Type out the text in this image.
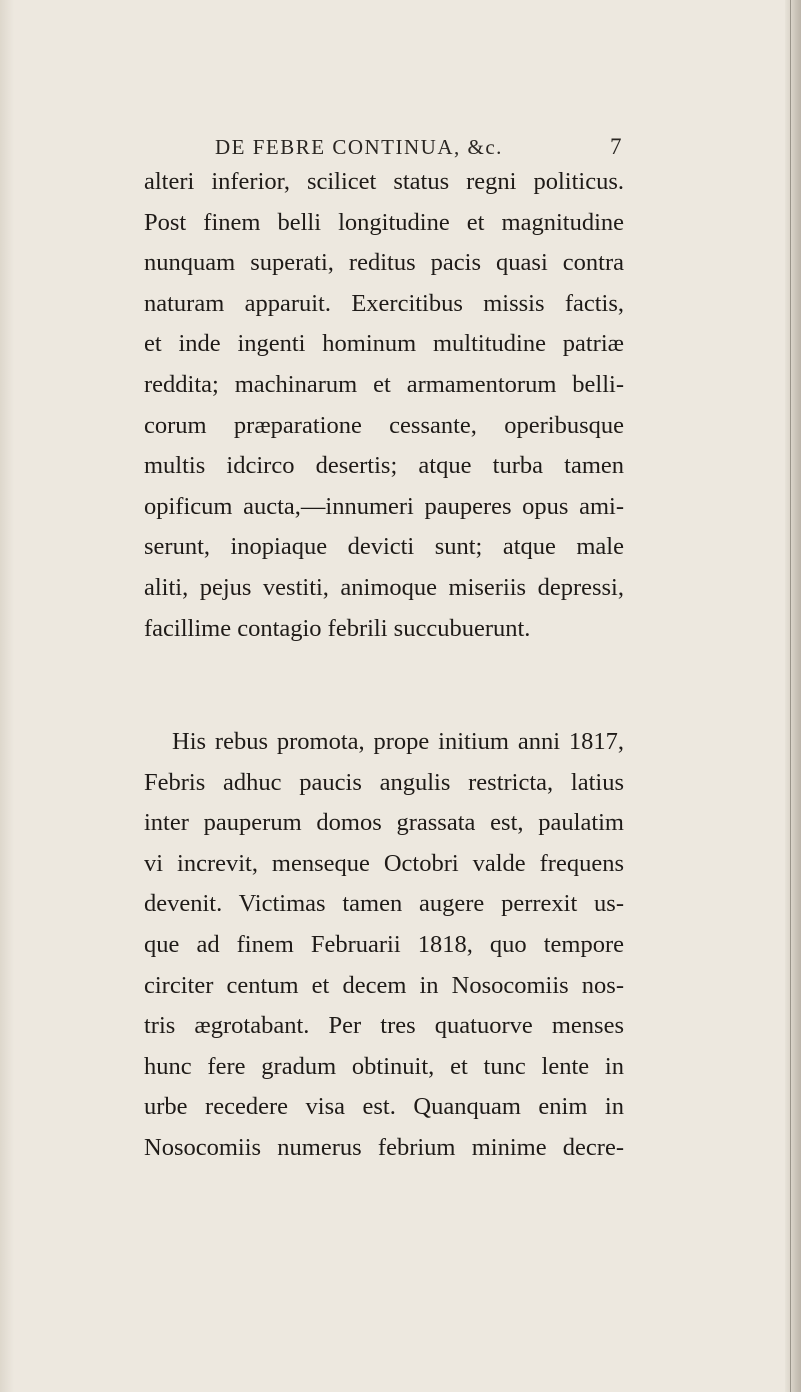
DE FEBRE CONTINUA, &c.	7
alteri inferior, scilicet status regni politicus.
Post finem belli longitudine et magnitudine
nunquam superati, reditus pacis quasi contra
naturam apparuit. Exercitibus missis factis,
et inde ingenti hominum multitudine patriæ
reddita; machinarum et armamentorum belli-
corum præparatione cessante, operibusque
multis idcirco desertis; atque turba tamen
opificum aucta,—innumeri pauperes opus ami-
serunt, inopiaque devicti sunt; atque male
aliti, pejus vestiti, animoque miseriis depressi,
facillime contagio febrili succubuerunt.
His rebus promota, prope initium anni 1817,
Febris adhuc paucis angulis restricta, latius
inter pauperum domos grassata est, paulatim
vi increvit, menseque Octobri valde frequens
devenit. Victimas tamen augere perrexit us-
que ad finem Februarii 1818, quo tempore
circiter centum et decem in Nosocomiis nos-
tris ægrotabant. Per tres quatuorve menses
hunc fere gradum obtinuit, et tunc lente in
urbe recedere visa est. Quanquam enim in
Nosocomiis numerus febrium minime decre-
